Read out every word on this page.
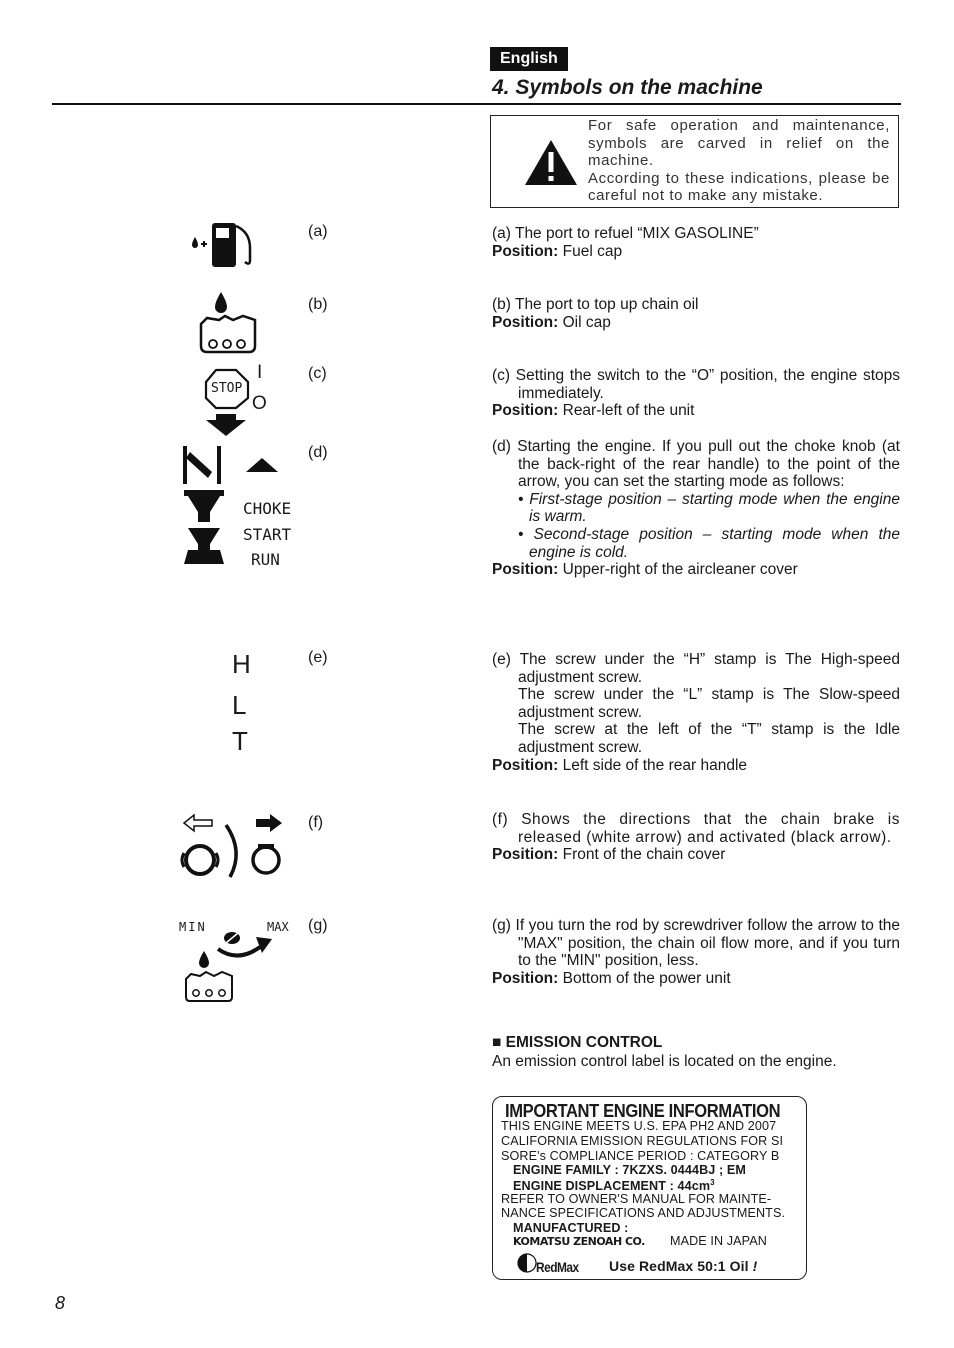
English
4. Symbols on the machine
For safe operation and maintenance, symbols are carved in relief on the machine.
According to these indications, please be careful not to make any mistake.
(a)	(a) The port to refuel “MIX GASOLINE”

Position: Fuel cap

(b)	(b) The port to top up chain oil

Position: Oil cap

STOP
I
O
(c)	(c) Setting the switch to the “O” position, the engine stops immediately.

Position: Rear-left of the unit

CHOKE
START
RUN
(d)	(d) Starting the engine. If you pull out the choke knob (at the back-right of the rear handle) to the point of the arrow, you can set the starting mode as follows:

• First-stage position – starting mode when the engine is warm.

• Second-stage position – starting mode when the engine is cold.

Position: Upper-right of the aircleaner cover

H
L
T
(e)	(e) The screw under the “H” stamp is The High-speed adjustment screw.

The screw under the “L” stamp is The Slow-speed adjustment screw.

The screw at the left of the “T” stamp is the Idle adjustment screw.

Position: Left side of the rear handle

(f)	(f) Shows the directions that the chain brake is released (white arrow) and activated (black arrow).

Position: Front of the chain cover

MIN	MAX (g)	(g) If you turn the rod by screwdriver follow the arrow to the "MAX" position, the chain oil flow more, and if you turn to the "MIN" position, less.

Position: Bottom of the power unit

■ EMISSION CONTROL
An emission control label is located on the engine.
IMPORTANT ENGINE INFORMATION
THIS ENGINE MEETS U.S. EPA PH2 AND 2007
CALIFORNIA EMISSION REGULATIONS FOR SI
SORE's COMPLIANCE PERIOD : CATEGORY B
ENGINE FAMILY : 7KZXS. 0444BJ ; EM
ENGINE DISPLACEMENT : $44cm^3$
REFER TO OWNER'S MANUAL FOR MAINTE-
NANCE SPECIFICATIONS AND ADJUSTMENTS.
MANUFACTURED :
KOMATSU ZENOAH CO. MADE IN JAPAN
RedMax Use RedMax 50:1 Oil !
8
